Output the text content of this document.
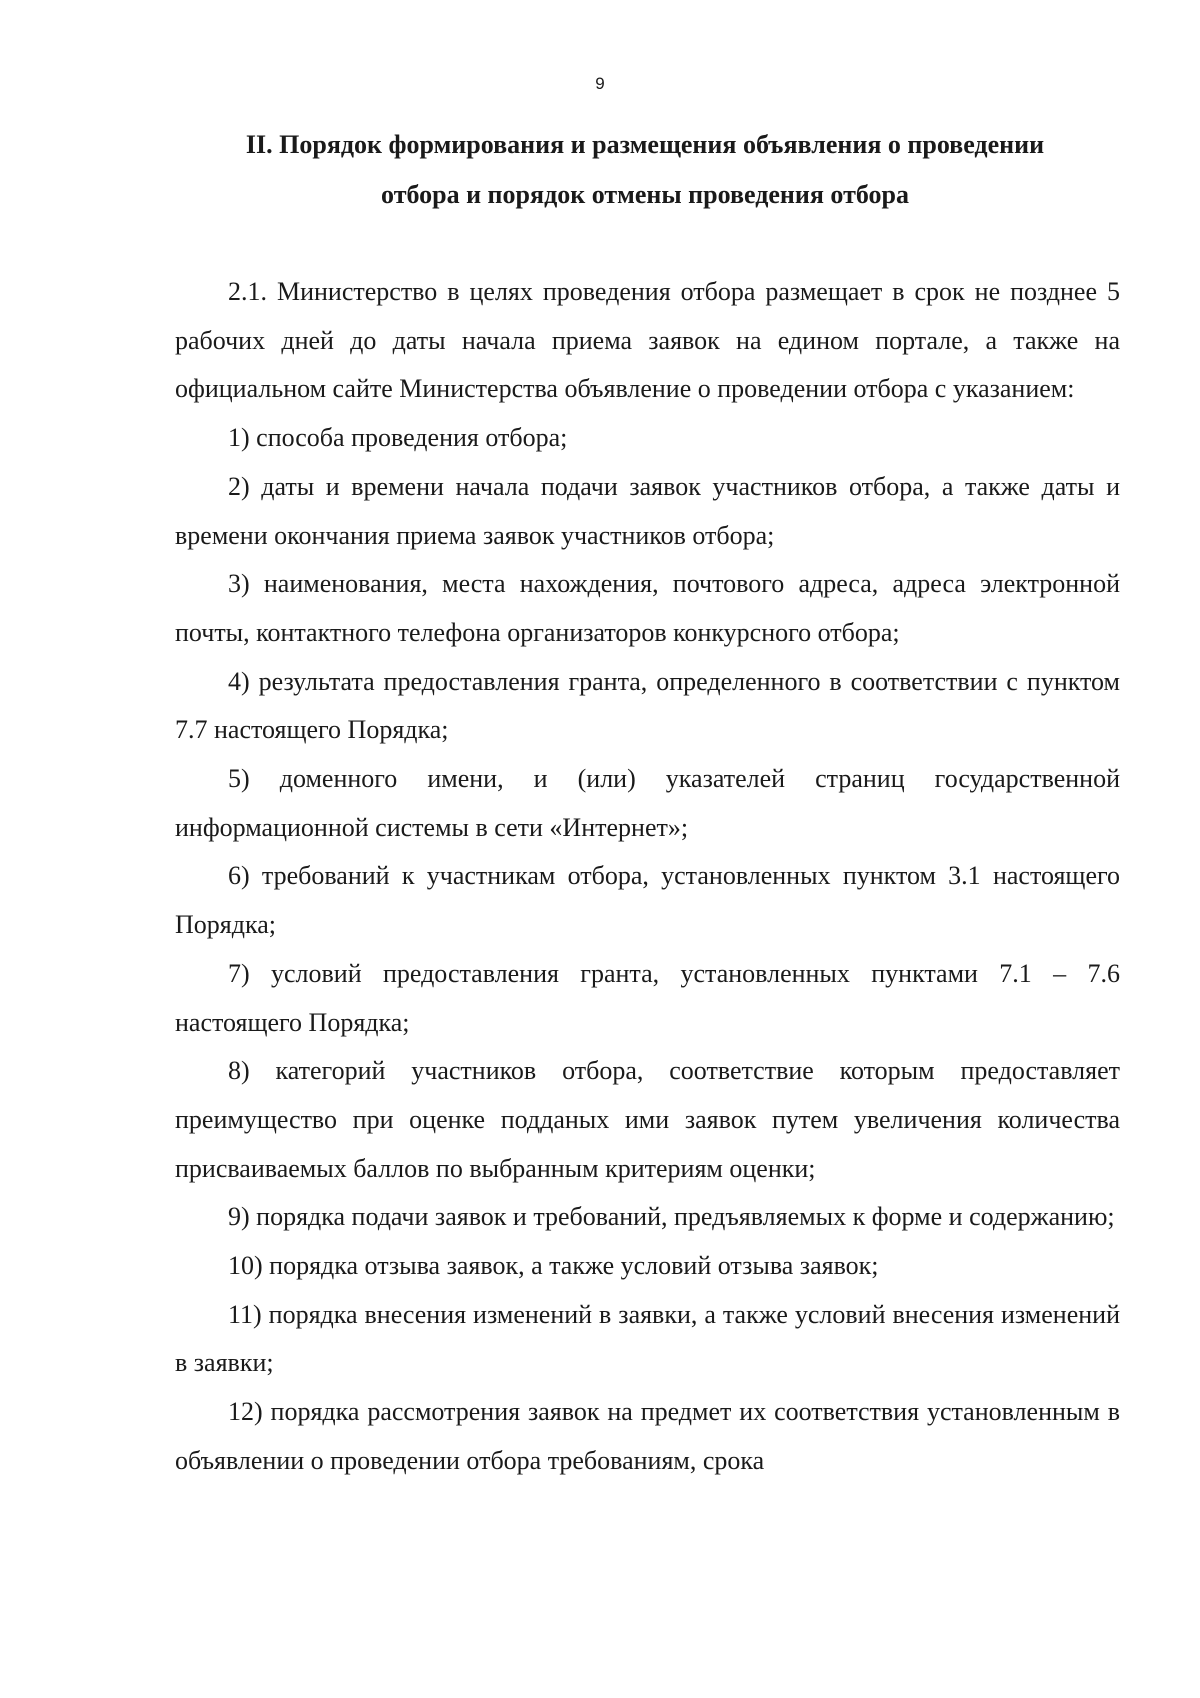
9
II. Порядок формирования и размещения объявления о проведении
отбора и порядок отмены проведения отбора

2.1. Министерство в целях проведения отбора размещает в срок не позднее 5 рабочих дней до даты начала приема заявок на едином портале, а также на официальном сайте Министерства объявление о проведении отбора с указанием:

1) способа проведения отбора;

2) даты и времени начала подачи заявок участников отбора, а также даты и времени окончания приема заявок участников отбора;

3) наименования, места нахождения, почтового адреса, адреса электронной почты, контактного телефона организаторов конкурсного отбора;

4) результата предоставления гранта, определенного в соответствии с пунктом 7.7 настоящего Порядка;

5) доменного имени, и (или) указателей страниц государственной информационной системы в сети «Интернет»;

6) требований к участникам отбора, установленных пунктом 3.1 настоящего Порядка;

7) условий предоставления гранта, установленных пунктами 7.1 – 7.6 настоящего Порядка;

8) категорий участников отбора, соответствие которым предоставляет преимущество при оценке подданых ими заявок путем увеличения количества присваиваемых баллов по выбранным критериям оценки;

9) порядка подачи заявок и требований, предъявляемых к форме и содержанию;

10) порядка отзыва заявок, а также условий отзыва заявок;

11) порядка внесения изменений в заявки, а также условий внесения изменений в заявки;

12) порядка рассмотрения заявок на предмет их соответствия установленным в объявлении о проведении отбора требованиям, срока
